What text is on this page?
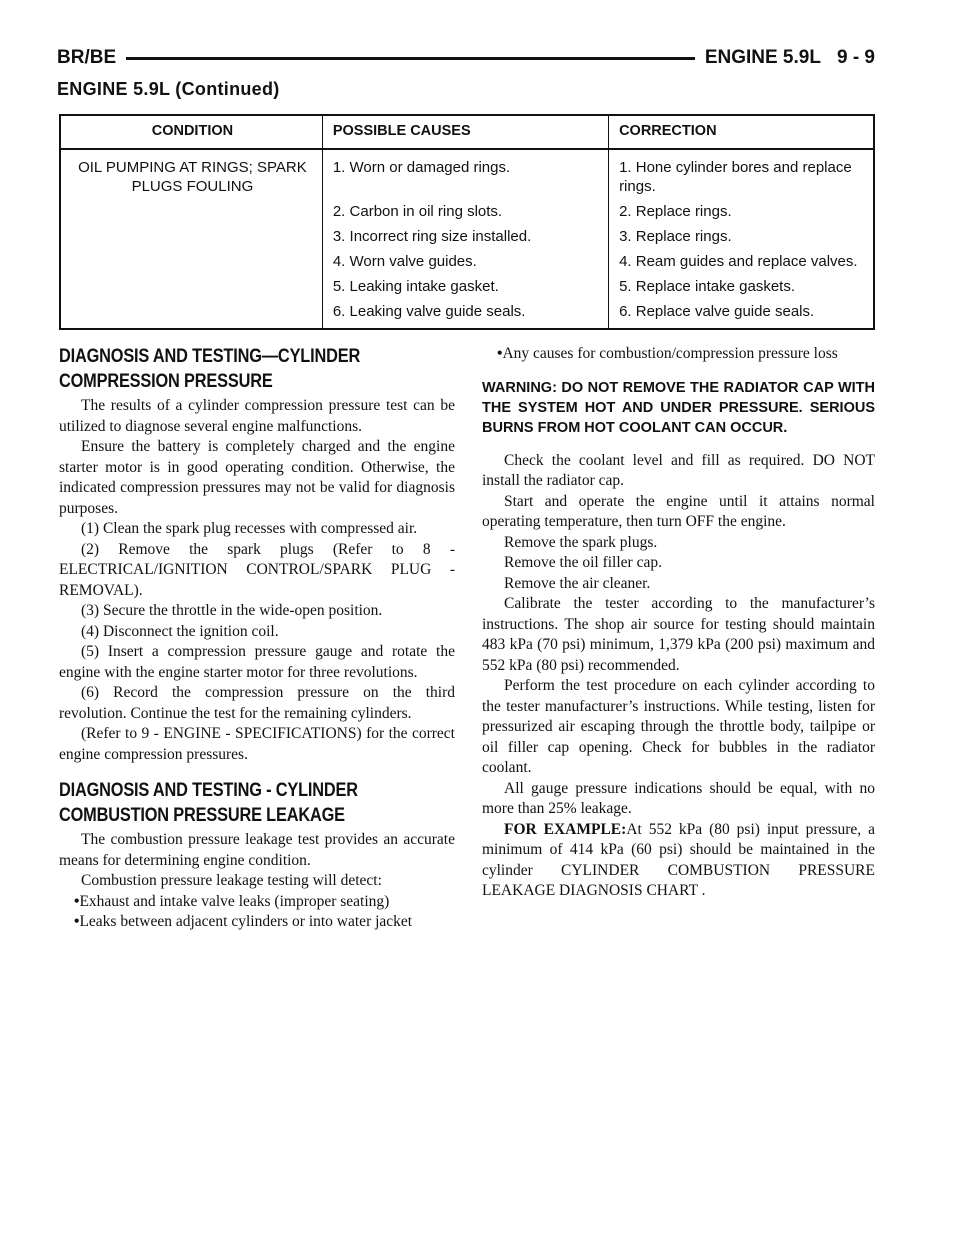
BR/BE	ENGINE 5.9L 9 - 9
ENGINE 5.9L (Continued)
CONDITION	POSSIBLE CAUSES	CORRECTION
OIL PUMPING AT RINGS; SPARK PLUGS FOULING	1. Worn or damaged rings.	1. Hone cylinder bores and replace rings.
	2. Carbon in oil ring slots.	2. Replace rings.
	3. Incorrect ring size installed.	3. Replace rings.
	4. Worn valve guides.	4. Ream guides and replace valves.
	5. Leaking intake gasket.	5. Replace intake gaskets.
	6. Leaking valve guide seals.	6. Replace valve guide seals.
DIAGNOSIS AND TESTING—CYLINDER
COMPRESSION PRESSURE

The results of a cylinder compression pressure test can be utilized to diagnose several engine malfunctions.

Ensure the battery is completely charged and the engine starter motor is in good operating condition. Otherwise, the indicated compression pressures may not be valid for diagnosis purposes.

(1) Clean the spark plug recesses with compressed air.

(2) Remove the spark plugs (Refer to 8 - ELECTRICAL/IGNITION CONTROL/SPARK PLUG - REMOVAL).

(3) Secure the throttle in the wide-open position.

(4) Disconnect the ignition coil.

(5) Insert a compression pressure gauge and rotate the engine with the engine starter motor for three revolutions.

(6) Record the compression pressure on the third revolution. Continue the test for the remaining cylinders.

(Refer to 9 - ENGINE - SPECIFICATIONS) for the correct engine compression pressures.

DIAGNOSIS AND TESTING - CYLINDER
COMBUSTION PRESSURE LEAKAGE

The combustion pressure leakage test provides an accurate means for determining engine condition.

Combustion pressure leakage testing will detect:

•Exhaust and intake valve leaks (improper seating)

•Leaks between adjacent cylinders or into water jacket

•Any causes for combustion/compression pressure loss

WARNING: DO NOT REMOVE THE RADIATOR CAP WITH THE SYSTEM HOT AND UNDER PRESSURE. SERIOUS BURNS FROM HOT COOLANT CAN OCCUR.

Check the coolant level and fill as required. DO NOT install the radiator cap.

Start and operate the engine until it attains normal operating temperature, then turn OFF the engine.

Remove the spark plugs.

Remove the oil filler cap.

Remove the air cleaner.

Calibrate the tester according to the manufacturer’s instructions. The shop air source for testing should maintain 483 kPa (70 psi) minimum, 1,379 kPa (200 psi) maximum and 552 kPa (80 psi) recommended.

Perform the test procedure on each cylinder according to the tester manufacturer’s instructions. While testing, listen for pressurized air escaping through the throttle body, tailpipe or oil filler cap opening. Check for bubbles in the radiator coolant.

All gauge pressure indications should be equal, with no more than 25% leakage.

FOR EXAMPLE:At 552 kPa (80 psi) input pressure, a minimum of 414 kPa (60 psi) should be maintained in the cylinder CYLINDER COMBUSTION PRESSURE LEAKAGE DIAGNOSIS CHART .
